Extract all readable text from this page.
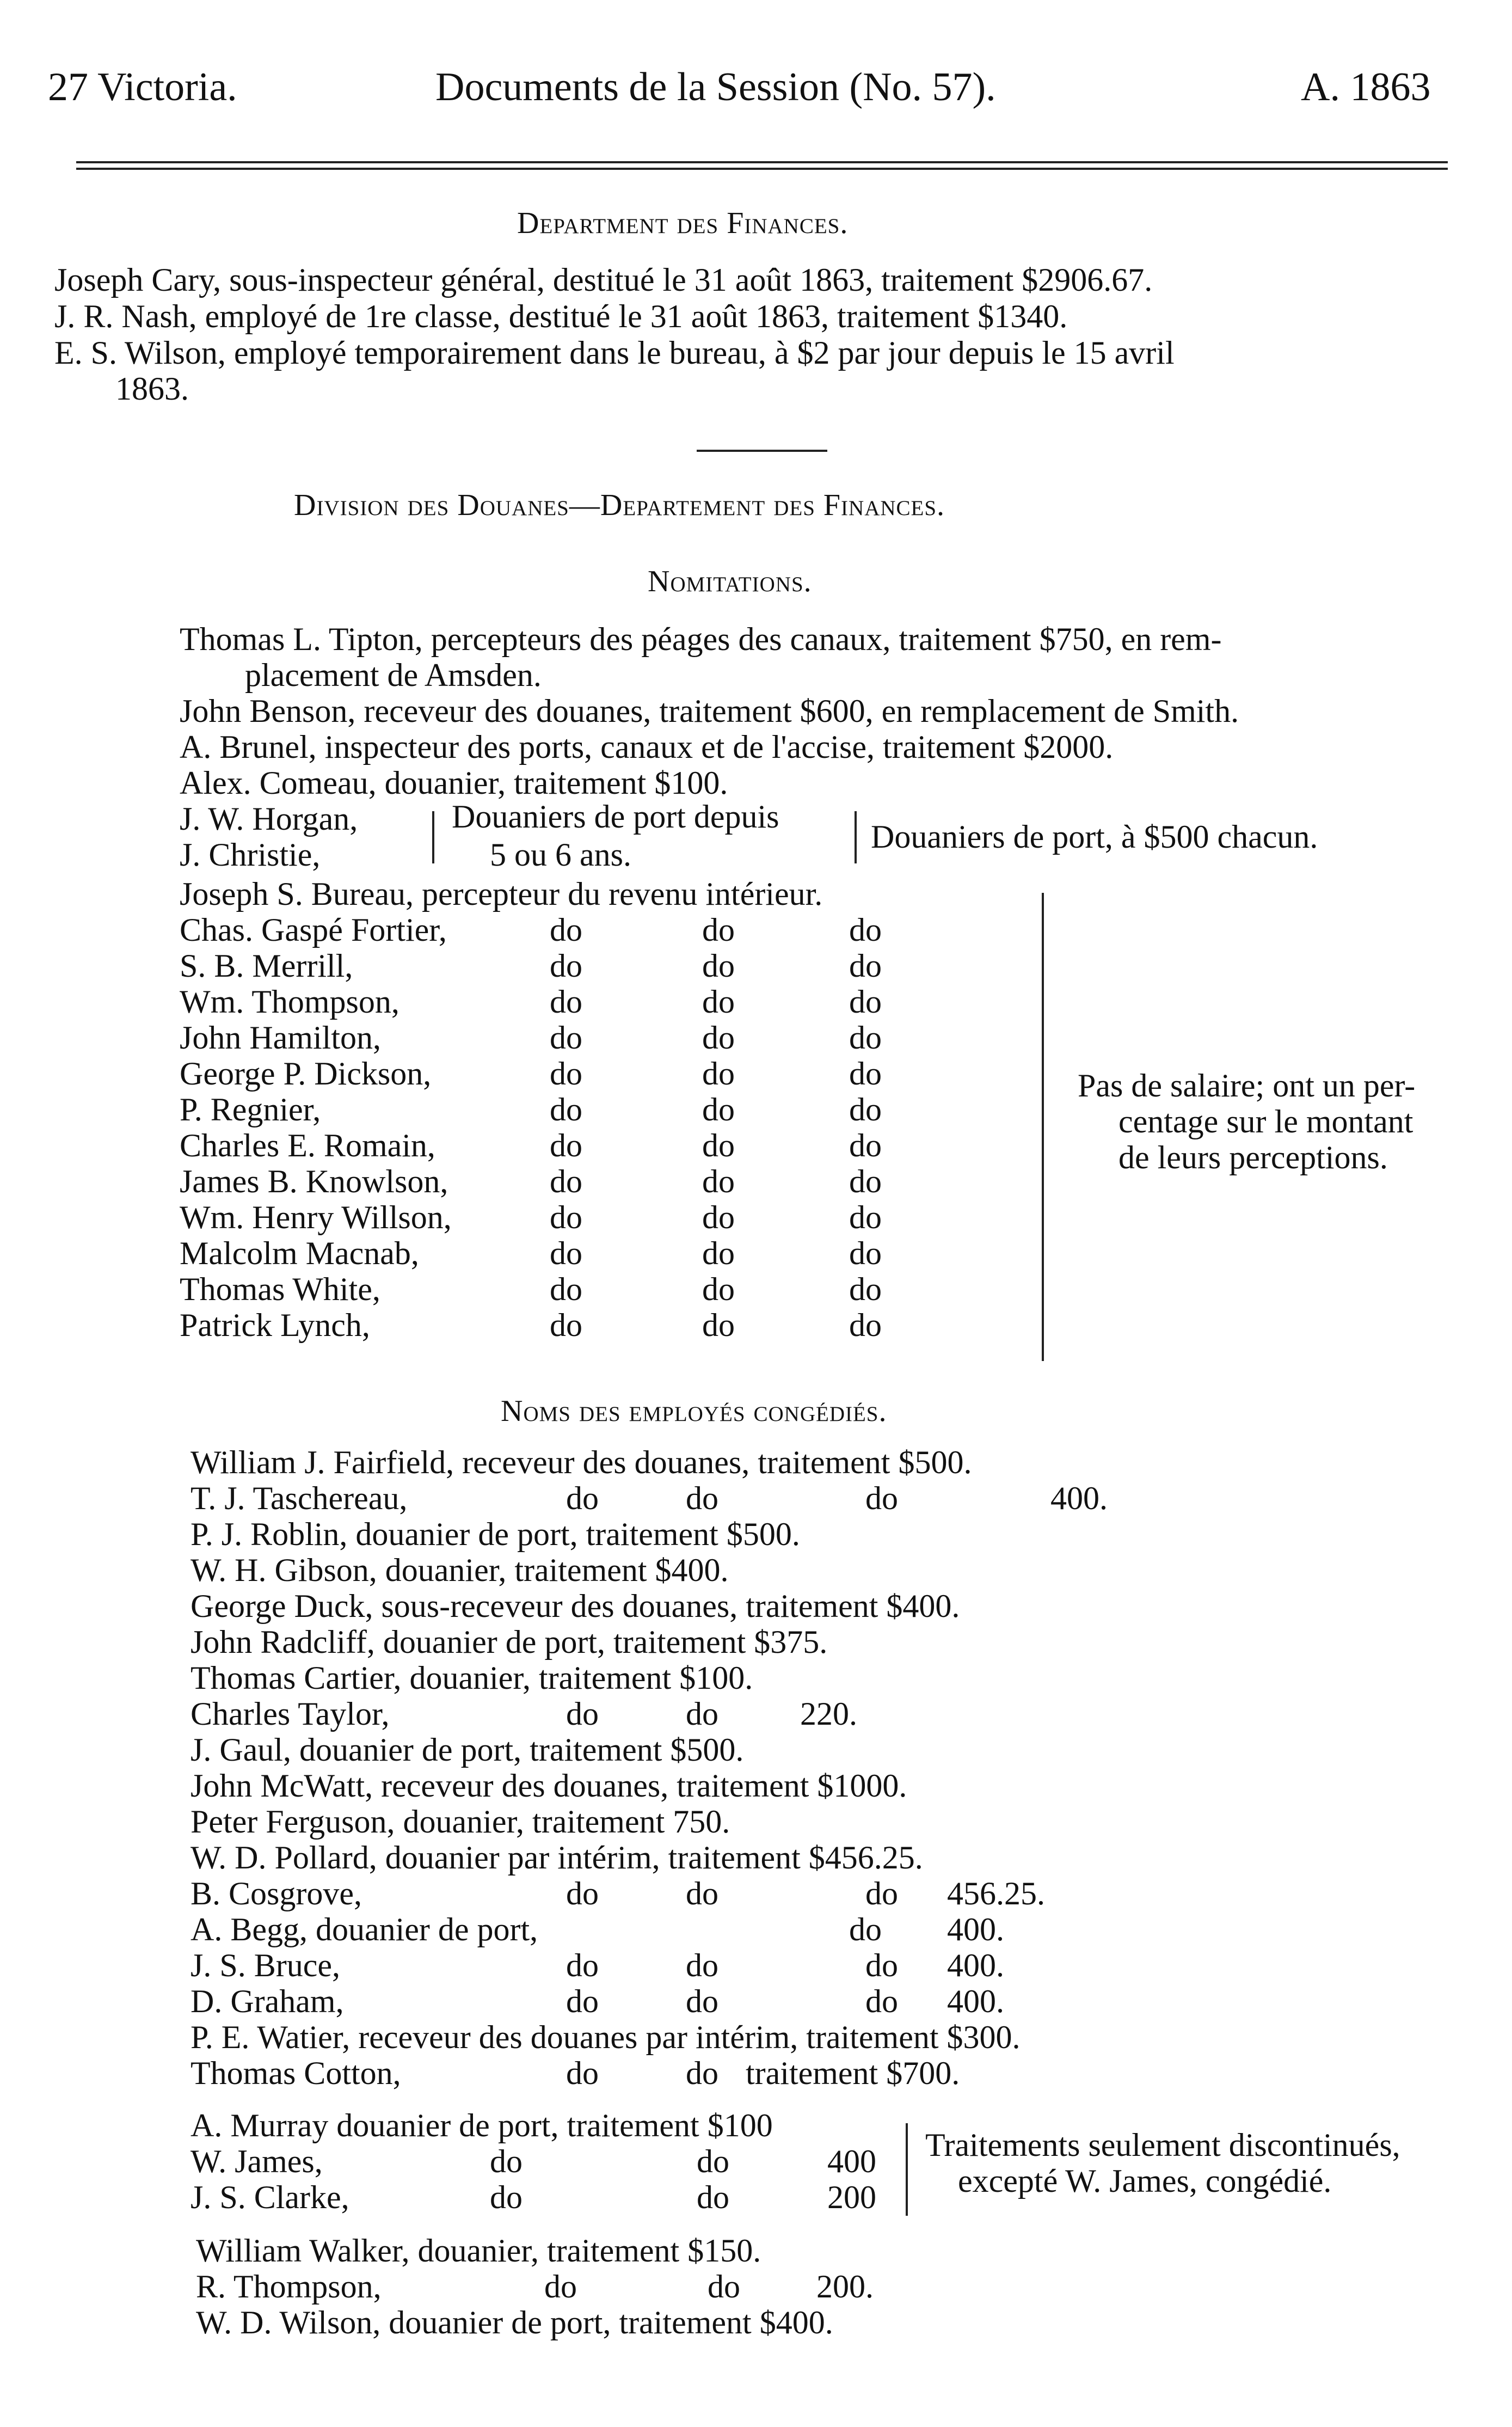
27 Victoria.	Documents de la Session (No. 57).	A. 1863
Department des Finances.
Joseph Cary, sous-inspecteur général, destitué le 31 août 1863, traitement $2906.67.
J. R. Nash, employé de 1re classe, destitué le 31 août 1863, traitement $1340.
E. S. Wilson, employé temporairement dans le bureau, à $2 par jour depuis le 15 avril
1863.
Division des Douanes—Departement des Finances.
Nomitations.
Thomas L. Tipton, percepteurs des péages des canaux, traitement $750, en rem-
placement de Amsden.
John Benson, receveur des douanes, traitement $600, en remplacement de Smith.
A. Brunel, inspecteur des ports, canaux et de l'accise, traitement $2000.
Alex. Comeau, douanier, traitement $100.
J. W. Horgan,
J. Christie,
Douaniers de port depuis
5 ou 6 ans.	Douaniers de port, à $500 chacun.
Joseph S. Bureau, percepteur du revenu intérieur.
Pas de salaire; ont un per-
centage sur le montant
de leurs perceptions.
Noms des employés congédiés.
Traitements seulement discontinués,
excepté W. James, congédié.
Chas. Gaspé Fortier,	do	do	do
S. B. Merrill,	do	do	do
Wm. Thompson,	do	do	do
John Hamilton,	do	do	do
George P. Dickson,	do	do	do
P. Regnier,	do	do	do
Charles E. Romain,	do	do	do
James B. Knowlson,	do	do	do
Wm. Henry Willson,	do	do	do
Malcolm Macnab,	do	do	do
Thomas White,	do	do	do
Patrick Lynch,	do	do	do
William J. Fairfield, receveur des douanes, traitement $500.
T. J. Taschereau,	do	do	do	400.
P. J. Roblin, douanier de port, traitement $500.
W. H. Gibson, douanier, traitement $400.
George Duck, sous-receveur des douanes, traitement $400.
John Radcliff, douanier de port, traitement $375.
Thomas Cartier, douanier, traitement $100.
Charles Taylor,	do	do	220.
J. Gaul, douanier de port, traitement $500.
John McWatt, receveur des douanes, traitement $1000.
Peter Ferguson, douanier, traitement 750.
W. D. Pollard, douanier par intérim, traitement $456.25.
B. Cosgrove,	do	do	do 456.25.
A. Begg, douanier de port,	do 400.
J. S. Bruce,	do	do	do 400.
D. Graham,	do	do	do 400.
P. E. Watier, receveur des douanes par intérim, traitement $300.
Thomas Cotton,	do	do traitement $700.
A. Murray douanier de port, traitement $100
W. James,	do	do	400
J. S. Clarke,	do	do	200
William Walker, douanier, traitement $150.
R. Thompson,	do	do 200.
W. D. Wilson, douanier de port, traitement $400.
